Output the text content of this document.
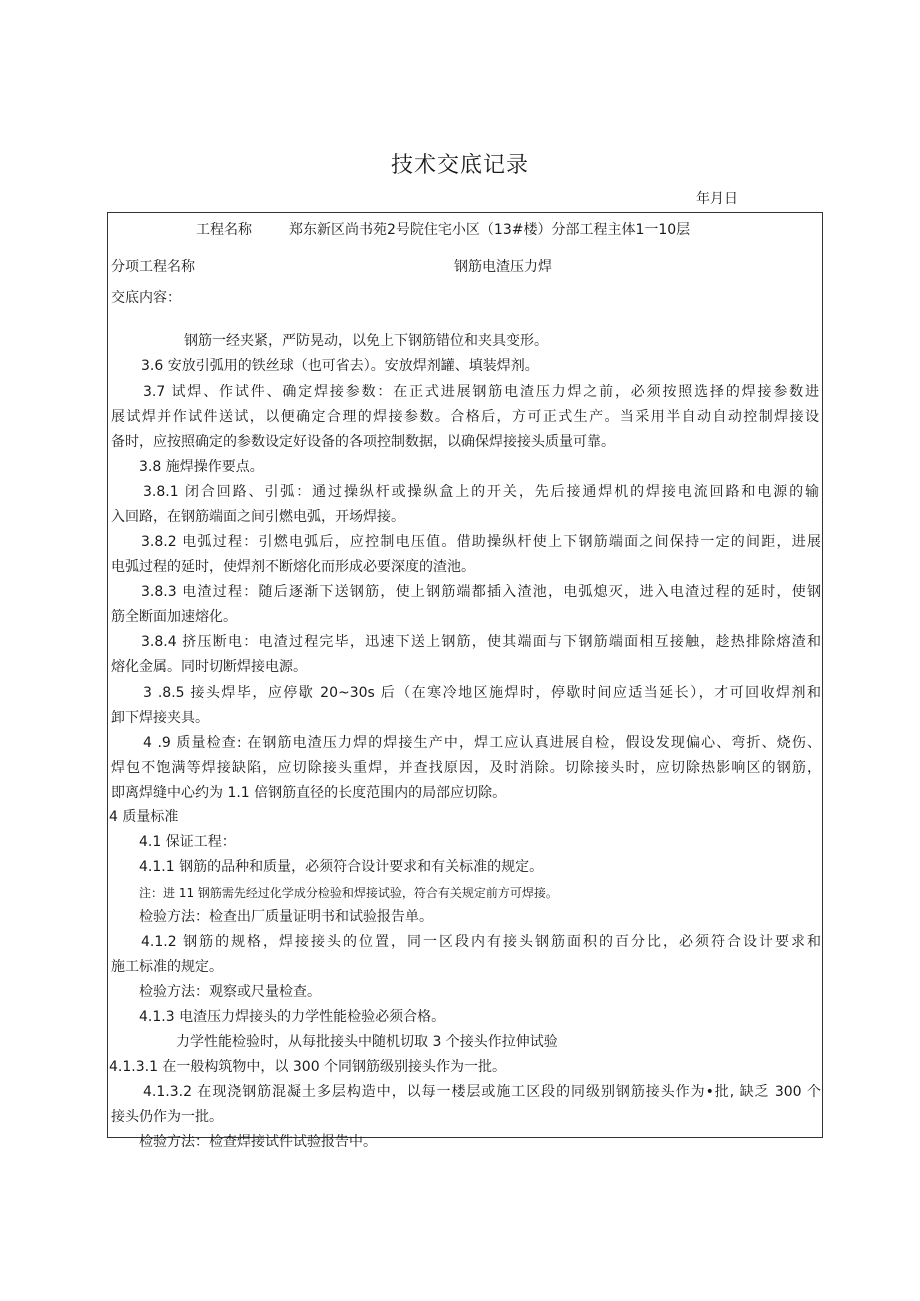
技术交底记录
年月日
工程名称	郑东新区尚书苑2号院住宅小区（13#楼）分部工程主体1一10层
分项工程名称	钢筋电渣压力焊
交底内容：
钢筋一经夹紧，严防晃动，以免上下钢筋错位和夹具变形。
3.6 安放引弧用的铁丝球（也可省去）。安放焊剂罐、填装焊剂。
3.7 试焊、作试件、确定焊接参数：在正式进展钢筋电渣压力焊之前，必须按照选择的焊接参数进
展试焊并作试件送试，以便确定合理的焊接参数。合格后，方可正式生产。当采用半自动自动控制焊接设
备时，应按照确定的参数设定好设备的各项控制数据，以确保焊接接头质量可靠。
3.8 施焊操作要点。
3.8.1 闭合回路、引弧：通过操纵杆或操纵盒上的开关，先后接通焊机的焊接电流回路和电源的输
入回路，在钢筋端面之间引燃电弧，开场焊接。
3.8.2 电弧过程：引燃电弧后，应控制电压值。借助操纵杆使上下钢筋端面之间保持一定的间距，进展
电弧过程的延时，使焊剂不断熔化而形成必要深度的渣池。
3.8.3 电渣过程：随后逐渐下送钢筋，使上钢筋端都插入渣池，电弧熄灭，进入电渣过程的延时，使钢
筋全断面加速熔化。
3.8.4 挤压断电：电渣过程完毕，迅速下送上钢筋，使其端面与下钢筋端面相互接触，趁热排除熔渣和
熔化金属。同时切断焊接电源。
3 .8.5 接头焊毕，应停歇 20~30s 后（在寒冷地区施焊时，停歇时间应适当延长），才可回收焊剂和
卸下焊接夹具。
4 .9 质量检查: 在钢筋电渣压力焊的焊接生产中，焊工应认真进展自检，假设发现偏心、弯折、烧伤、
焊包不饱满等焊接缺陷，应切除接头重焊，并查找原因，及时消除。切除接头时，应切除热影响区的钢筋，
即离焊缝中心约为 1.1 倍钢筋直径的长度范围内的局部应切除。
4 质量标准
4.1 保证工程：
4.1.1 钢筋的品种和质量，必须符合设计要求和有关标准的规定。
注：进 11 钢筋需先经过化学成分检验和焊接试验，符合有关规定前方可焊接。
检验方法：检查出厂质量证明书和试验报告单。
4.1.2 钢筋的规格，焊接接头的位置，同一区段内有接头钢筋面积的百分比，必须符合设计要求和
施工标准的规定。
检验方法：观察或尺量检查。
4.1.3 电渣压力焊接头的力学性能检验必须合格。
力学性能检验时，从每批接头中随机切取 3 个接头作拉伸试验
4.1.3.1 在一般构筑物中，以 300 个同钢筋级别接头作为一批。
4.1.3.2 在现浇钢筋混凝土多层构造中，以每一楼层或施工区段的同级别钢筋接头作为•批, 缺乏 300 个
接头仍作为一批。
检验方法：检查焊接试件试验报告中。
